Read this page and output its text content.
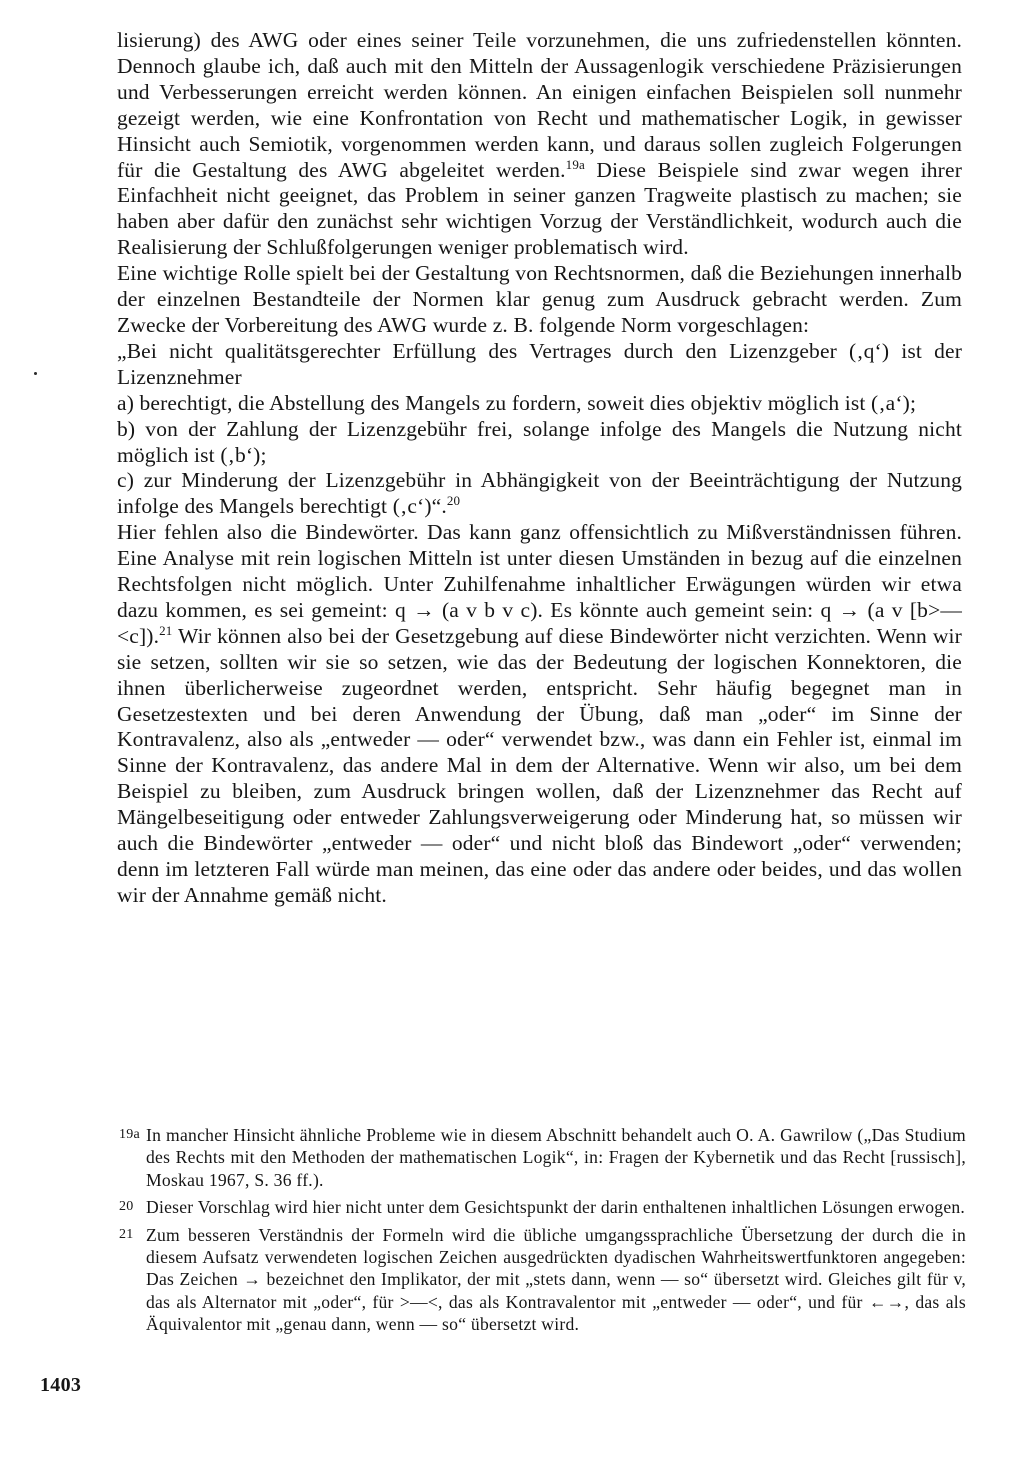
lisierung) des AWG oder eines seiner Teile vorzunehmen, die uns zufriedenstellen könnten. Dennoch glaube ich, daß auch mit den Mitteln der Aussagenlogik verschiedene Präzisierungen und Verbesserungen erreicht werden können. An einigen einfachen Beispielen soll nunmehr gezeigt werden, wie eine Konfrontation von Recht und mathematischer Logik, in gewisser Hinsicht auch Semiotik, vorgenommen werden kann, und daraus sollen zugleich Folgerungen für die Gestaltung des AWG abgeleitet werden.$^{19a}$ Diese Beispiele sind zwar wegen ihrer Einfachheit nicht geeignet, das Problem in seiner ganzen Tragweite plastisch zu machen; sie haben aber dafür den zunächst sehr wichtigen Vorzug der Verständlichkeit, wodurch auch die Realisierung der Schlußfolgerungen weniger problematisch wird.

Eine wichtige Rolle spielt bei der Gestaltung von Rechtsnormen, daß die Beziehungen innerhalb der einzelnen Bestandteile der Normen klar genug zum Ausdruck gebracht werden. Zum Zwecke der Vorbereitung des AWG wurde z. B. folgende Norm vorgeschlagen:

„Bei nicht qualitätsgerechter Erfüllung des Vertrages durch den Lizenzgeber (‚q‘) ist der Lizenznehmer

a) berechtigt, die Abstellung des Mangels zu fordern, soweit dies objektiv möglich ist (‚a‘);

b) von der Zahlung der Lizenzgebühr frei, solange infolge des Mangels die Nutzung nicht möglich ist (‚b‘);

c) zur Minderung der Lizenzgebühr in Abhängigkeit von der Beeinträchtigung der Nutzung infolge des Mangels berechtigt (‚c‘)“.$^{20}$

Hier fehlen also die Bindewörter. Das kann ganz offensichtlich zu Mißverständnissen führen. Eine Analyse mit rein logischen Mitteln ist unter diesen Umständen in bezug auf die einzelnen Rechtsfolgen nicht möglich. Unter Zuhilfenahme inhaltlicher Erwägungen würden wir etwa dazu kommen, es sei gemeint: q → (a v b v c). Es könnte auch gemeint sein: q → (a v [b>—<c]).$^{21}$ Wir können also bei der Gesetzgebung auf diese Bindewörter nicht verzichten. Wenn wir sie setzen, sollten wir sie so setzen, wie das der Bedeutung der logischen Konnektoren, die ihnen überlicherweise zugeordnet werden, entspricht. Sehr häufig begegnet man in Gesetzestexten und bei deren Anwendung der Übung, daß man „oder“ im Sinne der Kontravalenz, also als „entweder — oder“ verwendet bzw., was dann ein Fehler ist, einmal im Sinne der Kontravalenz, das andere Mal in dem der Alternative. Wenn wir also, um bei dem Beispiel zu bleiben, zum Ausdruck bringen wollen, daß der Lizenznehmer das Recht auf Mängelbeseitigung oder entweder Zahlungsverweigerung oder Minderung hat, so müssen wir auch die Bindewörter „entweder — oder“ und nicht bloß das Bindewort „oder“ verwenden; denn im letzteren Fall würde man meinen, das eine oder das andere oder beides, und das wollen wir der Annahme gemäß nicht.

19a In mancher Hinsicht ähnliche Probleme wie in diesem Abschnitt behandelt auch O. A. Gawrilow („Das Studium des Rechts mit den Methoden der mathematischen Logik“, in: Fragen der Kybernetik und das Recht [russisch], Moskau 1967, S. 36 ff.).
20 Dieser Vorschlag wird hier nicht unter dem Gesichtspunkt der darin enthaltenen inhaltlichen Lösungen erwogen.
21 Zum besseren Verständnis der Formeln wird die übliche umgangssprachliche Übersetzung der durch die in diesem Aufsatz verwendeten logischen Zeichen ausgedrückten dyadischen Wahrheitswertfunktoren angegeben: Das Zeichen → bezeichnet den Implikator, der mit „stets dann, wenn — so“ übersetzt wird. Gleiches gilt für v, das als Alternator mit „oder“, für >—<, das als Kontravalentor mit „entweder — oder“, und für ←→, das als Äquivalentor mit „genau dann, wenn — so“ übersetzt wird.
1403
